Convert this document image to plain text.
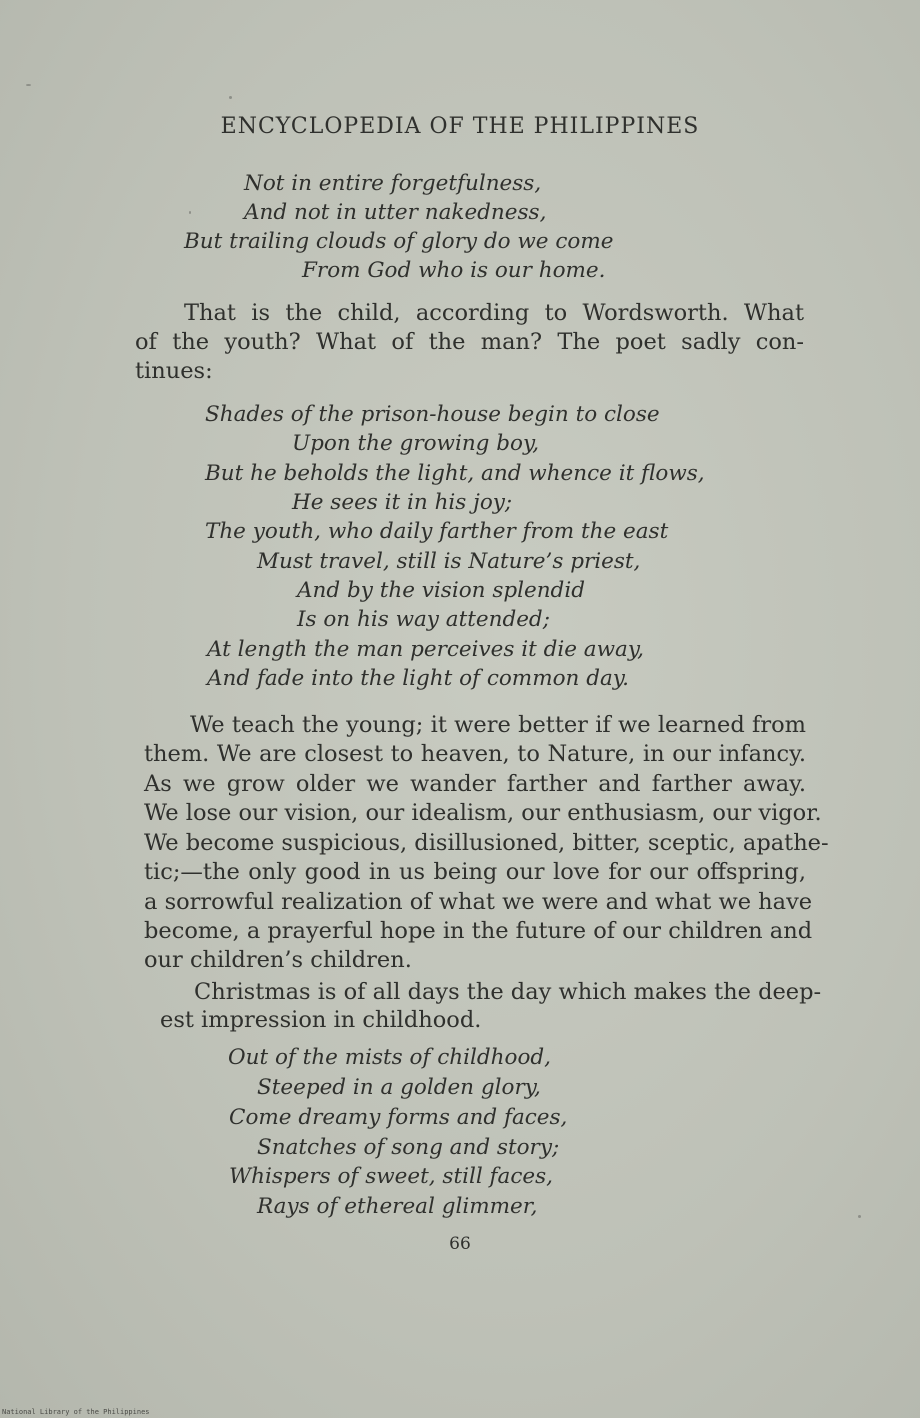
ENCYCLOPEDIA OF THE PHILIPPINES
Not in entire forgetfulness,
And not in utter nakedness,
But trailing clouds of glory do we come
From God who is our home.
That is the child, according to Wordsworth. What
of the youth? What of the man? The poet sadly con-
tinues:
Shades of the prison-house begin to close
Upon the growing boy,
But he beholds the light, and whence it flows,
He sees it in his joy;
The youth, who daily farther from the east
Must travel, still is Nature’s priest,
And by the vision splendid
Is on his way attended;
At length the man perceives it die away,
And fade into the light of common day.
We teach the young; it were better if we learned from
them. We are closest to heaven, to Nature, in our infancy.
As we grow older we wander farther and farther away.
We lose our vision, our idealism, our enthusiasm, our vigor.
We become suspicious, disillusioned, bitter, sceptic, apathe-
tic;—the only good in us being our love for our offspring,
a sorrowful realization of what we were and what we have
become, a prayerful hope in the future of our children and
our children’s children.
Christmas is of all days the day which makes the deep-
est impression in childhood.
Out of the mists of childhood,
Steeped in a golden glory,
Come dreamy forms and faces,
Snatches of song and story;
Whispers of sweet, still faces,
Rays of ethereal glimmer,
66
National Library of the Philippines
